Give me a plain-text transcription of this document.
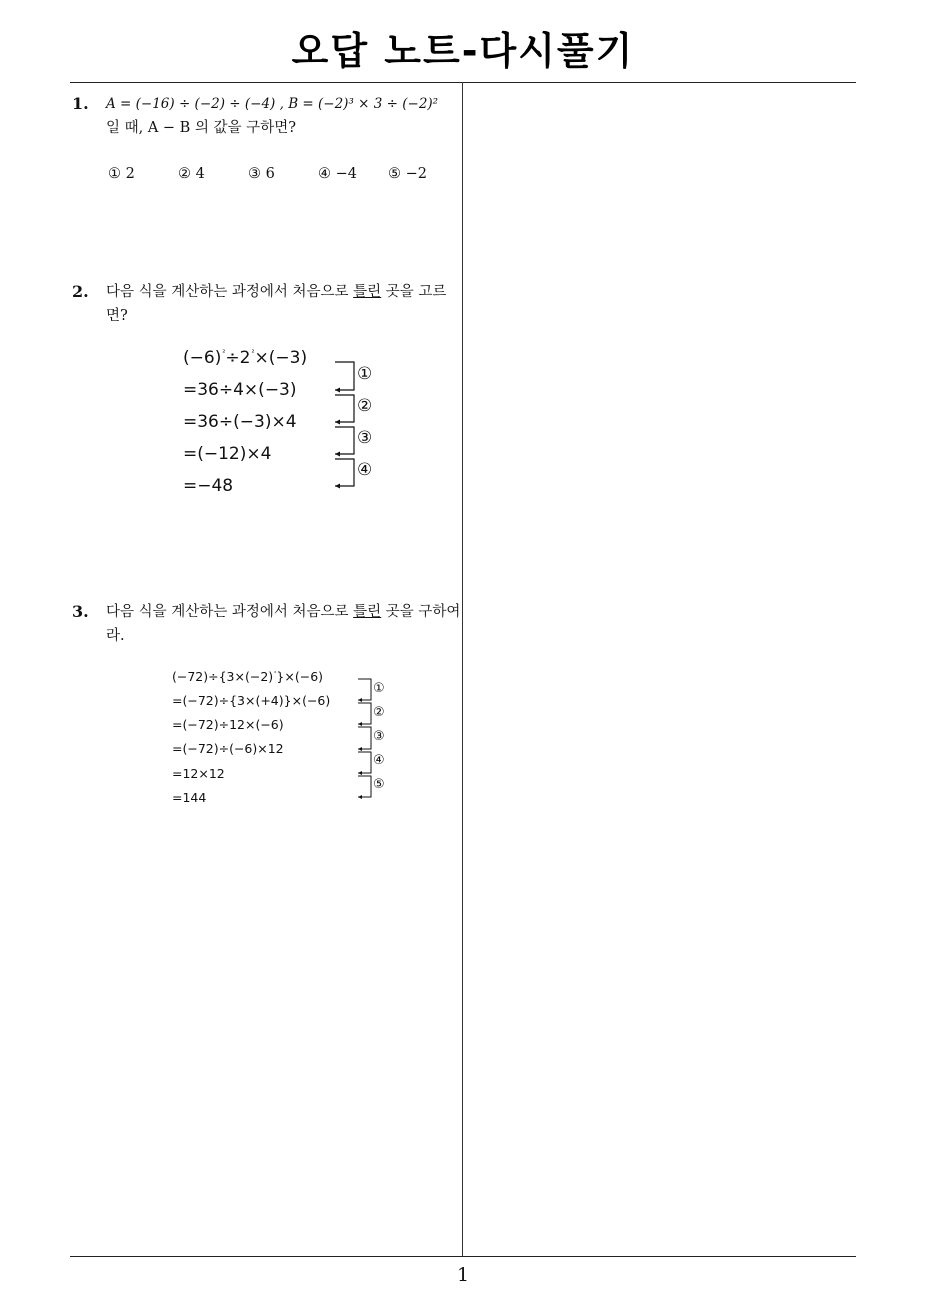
오답 노트-다시풀기
1
1. A = (−16) ÷ (−2) ÷ (−4) , B = (−2)³ × 3 ÷ (−2)²
일 때, A − B 의 값을 구하면?
① 2	② 4	③ 6	④ −4 ⑤ −2
2. 다음 식을 계산하는 과정에서 처음으로 틀린 곳을 고르면?
$(-6)^{^2}\div 2^{^2}\times(-3)$
=36÷4×(−3)
=36÷(−3)×4
=(−12)×4
=−48
①
②
③
④
3. 다음 식을 계산하는 과정에서 처음으로 틀린 곳을 구하여라.
$(-72)\div\{3\times(-2)^{^2}\}\times(-6)$
=(−72)÷{3×(+4)}×(−6)
=(−72)÷12×(−6)
=(−72)÷(−6)×12
=12×12
=144
①
②
③
④
⑤
